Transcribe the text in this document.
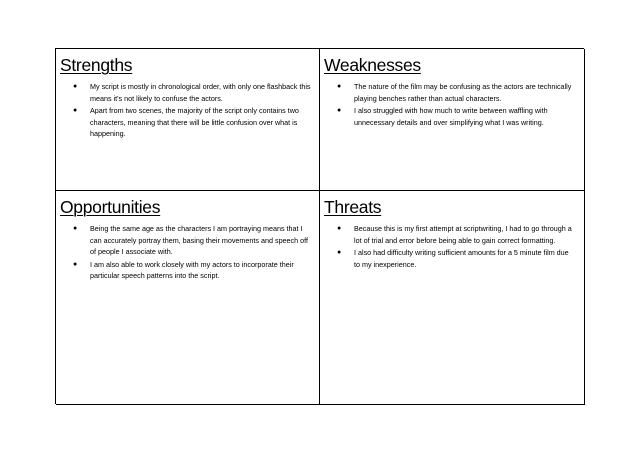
Strengths
● My script is mostly in chronological order, with only one flashback this means it's not likely to confuse the actors.
● Apart from two scenes, the majority of the script only contains two characters, meaning that there will be little confusion over what is happening.
Weaknesses
● The nature of the film may be confusing as the actors are technically playing benches rather than actual characters.
● I also struggled with how much to write between waffling with unnecessary details and over simplifying what I was writing.
Opportunities
● Being the same age as the characters I am portraying means that I can accurately portray them, basing their movements and speech off of people I associate with.
● I am also able to work closely with my actors to incorporate their particular speech patterns into the script.
Threats
● Because this is my first attempt at scriptwriting, I had to go through a lot of trial and error before being able to gain correct formatting.
● I also had difficulty writing sufficient amounts for a 5 minute film due to my inexperience.
